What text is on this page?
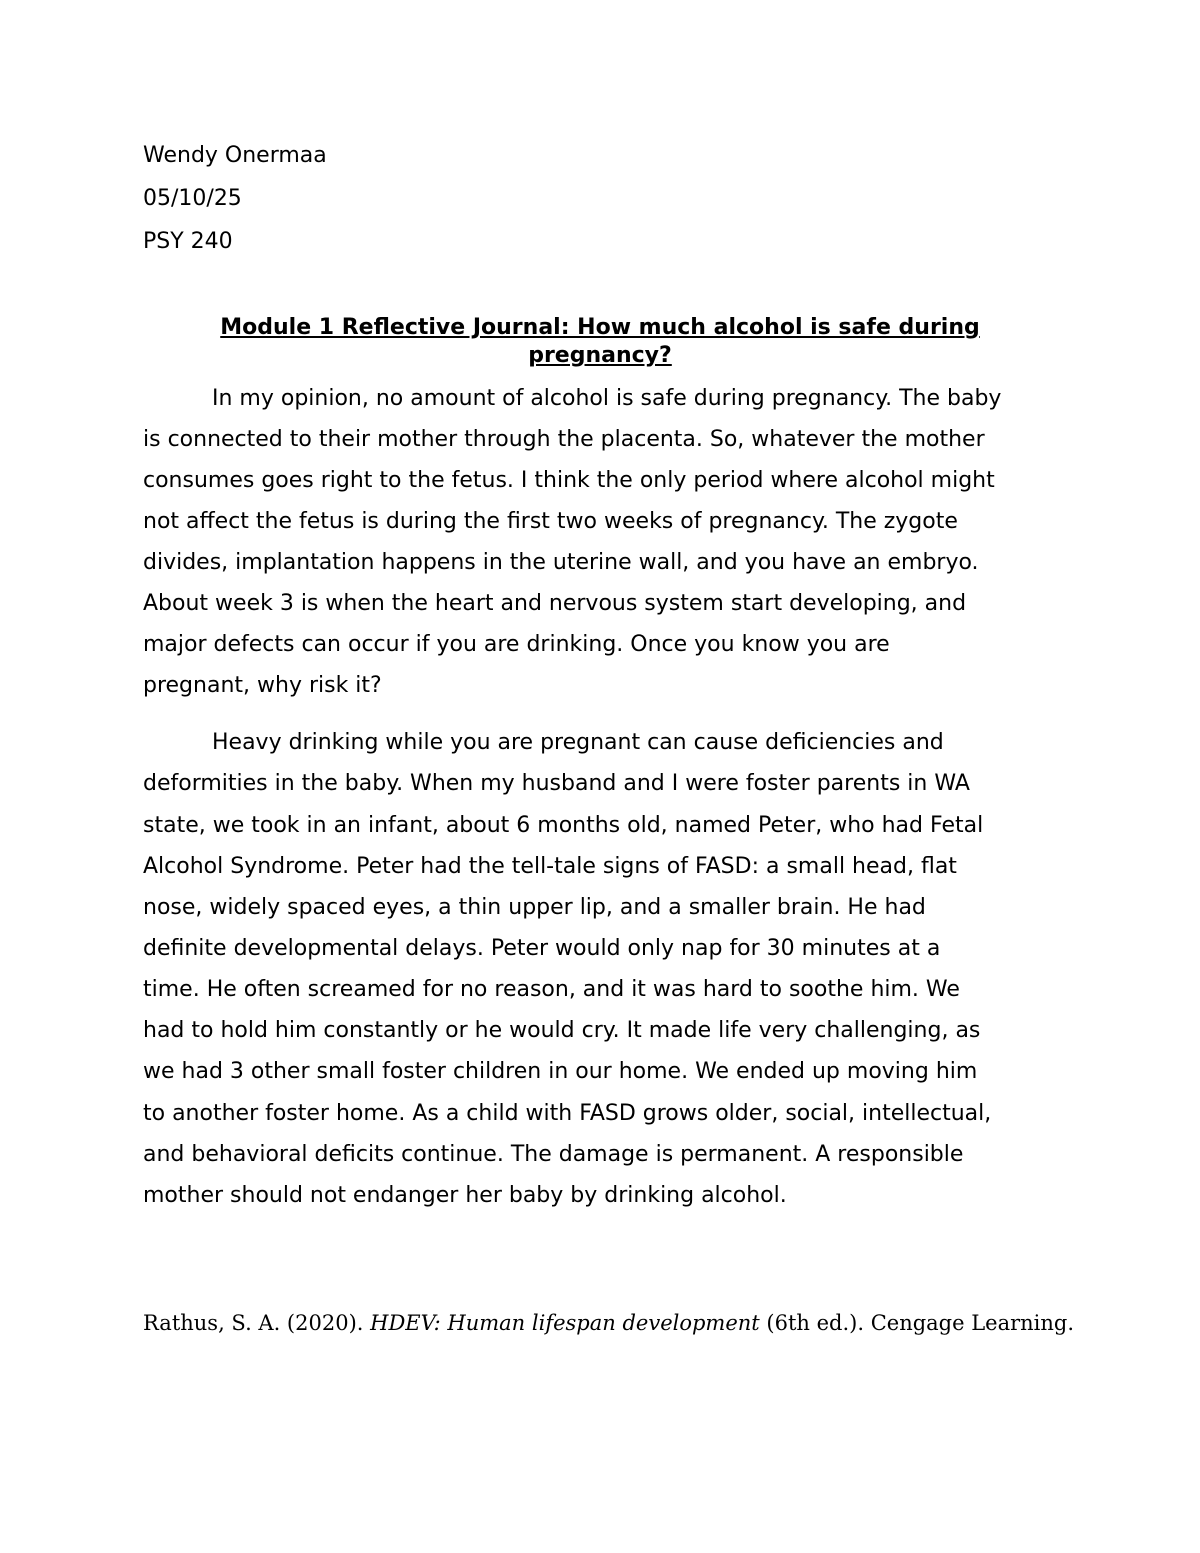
Wendy Onermaa
05/10/25
PSY 240
Module 1 Reflective Journal: How much alcohol is safe during
pregnancy?
In my opinion, no amount of alcohol is safe during pregnancy. The baby
is connected to their mother through the placenta. So, whatever the mother
consumes goes right to the fetus. I think the only period where alcohol might
not affect the fetus is during the first two weeks of pregnancy. The zygote
divides, implantation happens in the uterine wall, and you have an embryo.
About week 3 is when the heart and nervous system start developing, and
major defects can occur if you are drinking. Once you know you are
pregnant, why risk it?
Heavy drinking while you are pregnant can cause deficiencies and
deformities in the baby. When my husband and I were foster parents in WA
state, we took in an infant, about 6 months old, named Peter, who had Fetal
Alcohol Syndrome. Peter had the tell-tale signs of FASD: a small head, flat
nose, widely spaced eyes, a thin upper lip, and a smaller brain. He had
definite developmental delays. Peter would only nap for 30 minutes at a
time. He often screamed for no reason, and it was hard to soothe him. We
had to hold him constantly or he would cry. It made life very challenging, as
we had 3 other small foster children in our home. We ended up moving him
to another foster home. As a child with FASD grows older, social, intellectual,
and behavioral deficits continue. The damage is permanent. A responsible
mother should not endanger her baby by drinking alcohol.
Rathus, S. A. (2020). HDEV: Human lifespan development (6th ed.). Cengage Learning.
